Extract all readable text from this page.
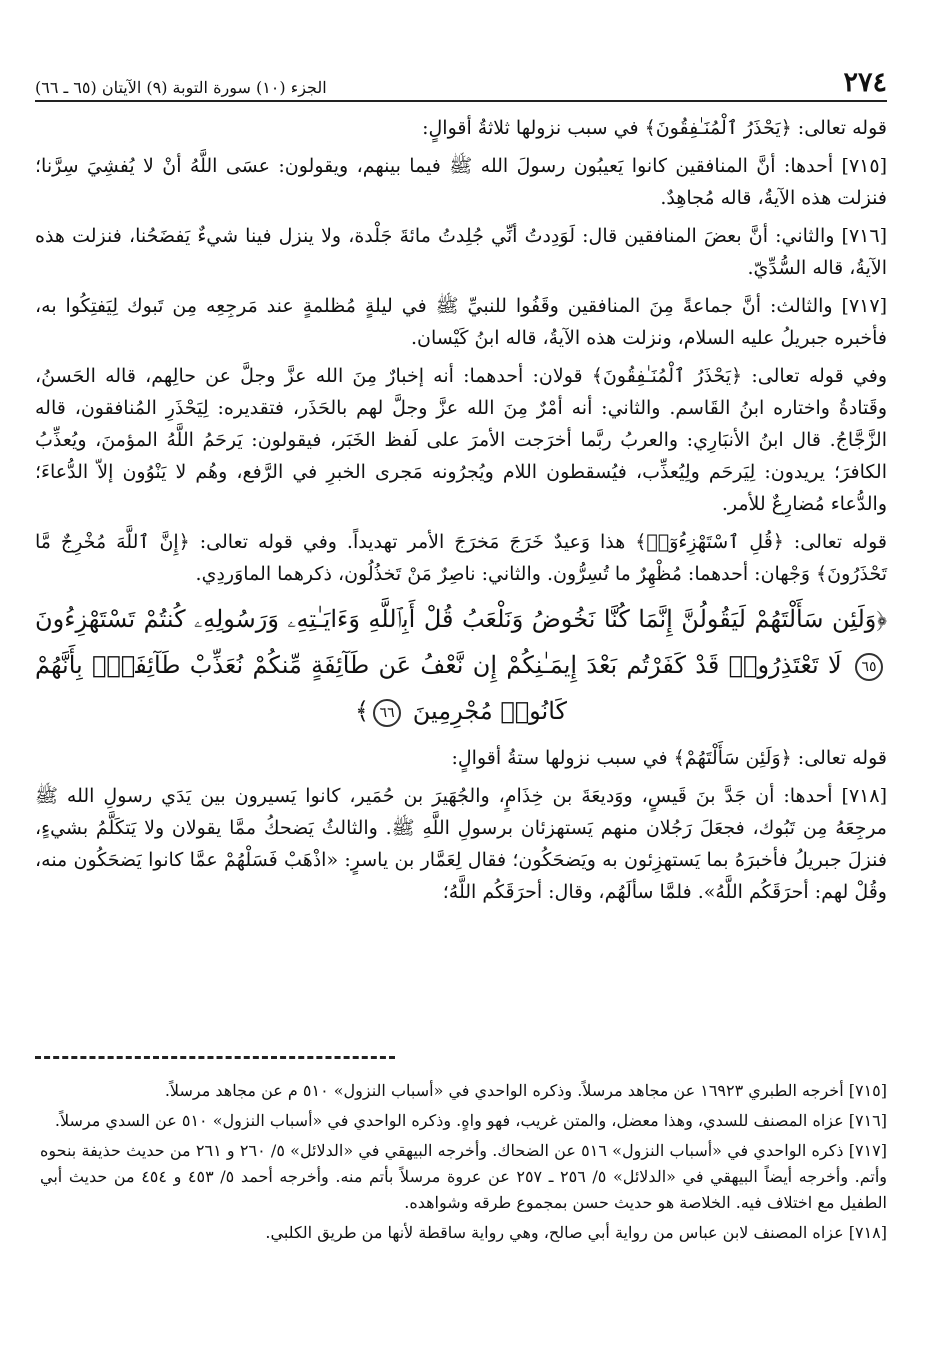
٢٧٤
الجزء (١٠) سورة التوبة (٩) الآيتان (٦٥ ـ ٦٦)

قوله تعالى: ﴿يَحْذَرُ ٱلْمُنَـٰفِقُونَ﴾ في سبب نزولها ثلاثةُ أقوالٍ:

[٧١٥] أحدها: أنَّ المنافقين كانوا يَعيبُون رسولَ الله ﷺ فيما بينهم، ويقولون: عسَى اللَّهُ أنْ لا يُفشِيَ سِرَّنا؛ فنزلت هذه الآيةُ، قاله مُجاهِدٌ.

[٧١٦] والثاني: أنَّ بعضَ المنافقين قال: لَوَدِدتُ أنِّي جُلِدتُ مائةَ جَلْدة، ولا ينزل فينا شيءٌ يَفضَحُنا، فنزلت هذه الآيةُ، قاله السُّدِّيّ.

[٧١٧] والثالث: أنَّ جماعةً مِنَ المنافقين وقَفُوا للنبيِّ ﷺ في ليلةٍ مُظلمةٍ عند مَرجِعِه مِن تَبوك لِيَفتِكُوا به، فأخبره جبريلُ عليه السلام، ونزلت هذه الآيةُ، قاله ابنُ كَيْسان.

وفي قوله تعالى: ﴿يَحْذَرُ ٱلْمُنَـٰفِقُونَ﴾ قولان: أحدهما: أنه إخبارٌ مِنَ الله عزَّ وجلَّ عن حالِهم، قاله الحَسنُ، وقَتادةُ واختاره ابنُ القَاسم. والثاني: أنه أمْرٌ مِنَ الله عزَّ وجلَّ لهم بالحَذَر، فتقديره: لِيَحْذَرِ المُنافقون، قاله الزَّجَّاجُ. قال ابنُ الأنبَارِي: والعربُ ربَّما أخرَجت الأمرَ على لَفظ الخَبَر، فيقولون: يَرحَمُ اللَّهُ المؤمنَ، ويُعذِّبُ الكافرَ؛ يريدون: لِيَرحَم ولِيُعذِّب، فيُسقطون اللام ويُجرُونه مَجرى الخبرِ في الرَّفع، وهُم لا يَنْوُون إلاّ الدُّعاءَ؛ والدُّعاء مُضارِعٌ للأمر.

قوله تعالى: ﴿قُلِ ٱسْتَهْزِءُوٓا۟﴾ هذا وَعيدٌ خَرَجَ مَخرَجَ الأمر تهديداً. وفي قوله تعالى: ﴿إِنَّ ٱللَّهَ مُخْرِجٌ مَّا تَحْذَرُونَ﴾ وَجْهان: أحدهما: مُظْهِرٌ ما تُسِرُّون. والثاني: ناصِرٌ مَنْ تَخذُلُون، ذكرهما الماوَردِي.

﴿وَلَئِن سَأَلْتَهُمْ لَيَقُولُنَّ إِنَّمَا كُنَّا نَخُوضُ وَنَلْعَبُ قُلْ أَبِٱللَّهِ وَءَايَـٰتِهِۦ وَرَسُولِهِۦ كُنتُمْ تَسْتَهْزِءُونَ ٦٥ لَا تَعْتَذِرُوا۟ قَدْ كَفَرْتُم بَعْدَ إِيمَـٰنِكُمْ إِن نَّعْفُ عَن طَآئِفَةٍ مِّنكُمْ نُعَذِّبْ طَآئِفَةًۢ بِأَنَّهُمْ كَانُوا۟ مُجْرِمِينَ ٦٦﴾

قوله تعالى: ﴿وَلَئِن سَأَلْتَهُمْ﴾ في سبب نزولها ستةُ أقوالٍ:

[٧١٨] أحدها: أن جَدَّ بنَ قَيسٍ، ووَديعَةَ بن خِذَامٍ، والجُهَيرَ بن حُمَير، كانوا يَسيرون بين يَدَي رسولِ الله ﷺ مرجِعَهُ مِن تَبُوك، فجعَلَ رَجُلان منهم يَستهزئان برسولِ اللَّهِ ﷺ. والثالثُ يَضحكُ ممَّا يقولان ولا يَتكَلَّمُ بشيءٍ، فنزلَ جبريلُ فأخبرَهُ بما يَستهزِئون به ويَضحَكُون؛ فقال لِعَمَّار بن ياسرٍ: «اذْهَبْ فَسَلْهُمْ عمَّا كانوا يَضحَكُون منه، وقُلْ لهم: أحرَقَكُم اللَّهُ». فلمَّا سألَهُم، وقال: أحرَقَكُم اللَّهُ؛

[٧١٥] أخرجه الطبري ١٦٩٢٣ عن مجاهد مرسلاً. وذكره الواحدي في «أسباب النزول» ٥١٠ م عن مجاهد مرسلاً.

[٧١٦] عزاه المصنف للسدي، وهذا معضل، والمتن غريب، فهو واهٍ. وذكره الواحدي في «أسباب النزول» ٥١٠ عن السدي مرسلاً.

[٧١٧] ذكره الواحدي في «أسباب النزول» ٥١٦ عن الضحاك. وأخرجه البيهقي في «الدلائل» ٥/ ٢٦٠ و ٢٦١ من حديث حذيفة بنحوه وأتم. وأخرجه أيضاً البيهقي في «الدلائل» ٥/ ٢٥٦ ـ ٢٥٧ عن عروة مرسلاً بأتم منه. وأخرجه أحمد ٥/ ٤٥٣ و ٤٥٤ من حديث أبي الطفيل مع اختلاف فيه. الخلاصة هو حديث حسن بمجموع طرقه وشواهده.

[٧١٨] عزاه المصنف لابن عباس من رواية أبي صالح، وهي رواية ساقطة لأنها من طريق الكلبي.
